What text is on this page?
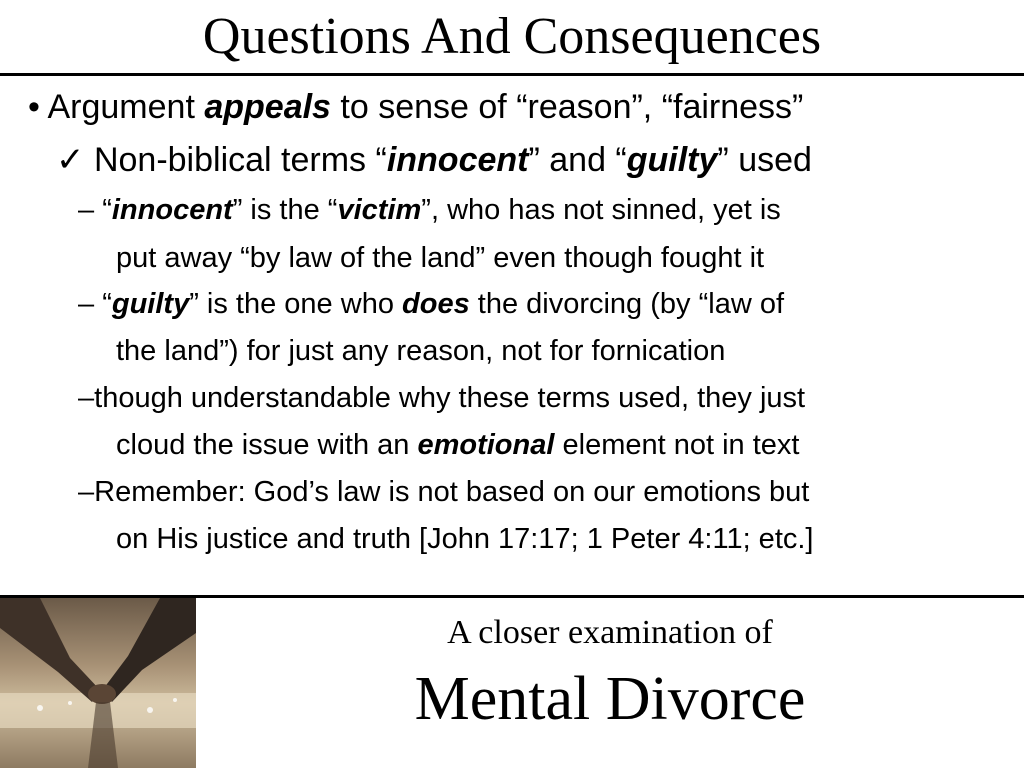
Questions And Consequences
• Argument appeals to sense of “reason”, “fairness”
✓ Non-biblical terms “innocent” and “guilty” used
– “innocent” is the “victim”, who has not sinned, yet is
put away “by law of the land” even though fought it
– “guilty” is the one who does the divorcing (by “law of
the land”) for just any reason, not for fornication
–though understandable why these terms used, they just
cloud the issue with an emotional element not in text
–Remember: God’s law is not based on our emotions but
on His justice and truth [John 17:17; 1 Peter 4:11; etc.]
A closer examination of
Mental Divorce
